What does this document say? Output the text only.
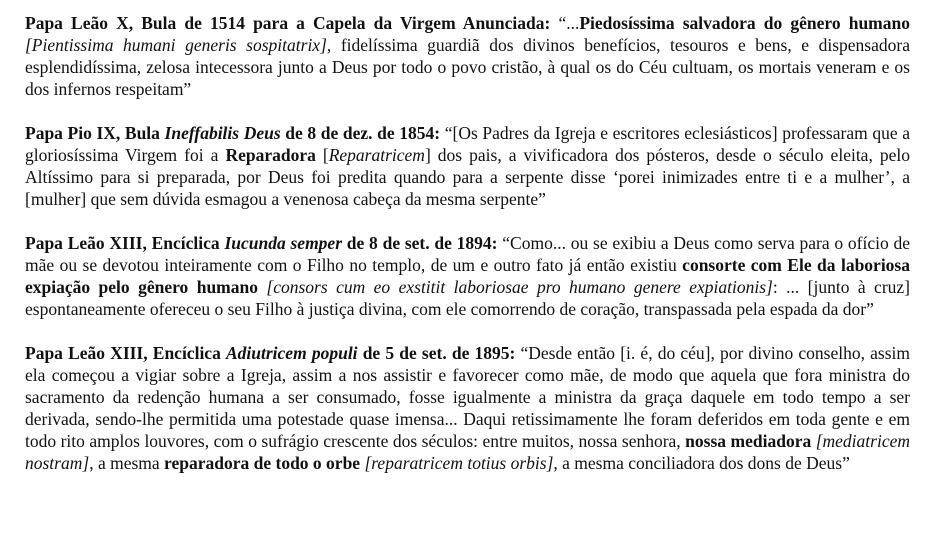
Papa Leão X, Bula de 1514 para a Capela da Virgem Anunciada: “...Piedosíssima salvadora do gênero humano [Pientissima humani generis sospitatrix], fidelíssima guardiã dos divinos benefícios, tesouros e bens, e dispensadora esplendidíssima, zelosa intecessora junto a Deus por todo o povo cristão, à qual os do Céu cultuam, os mortais veneram e os dos infernos respeitam”

Papa Pio IX, Bula Ineffabilis Deus de 8 de dez. de 1854: “[Os Padres da Igreja e escritores eclesiásticos] professaram que a gloriosíssima Virgem foi a Reparadora [Reparatricem] dos pais, a vivificadora dos pósteros, desde o século eleita, pelo Altíssimo para si preparada, por Deus foi predita quando para a serpente disse ‘porei inimizades entre ti e a mulher’, a [mulher] que sem dúvida esmagou a venenosa cabeça da mesma serpente”

Papa Leão XIII, Encíclica Iucunda semper de 8 de set. de 1894: “Como... ou se exibiu a Deus como serva para o ofício de mãe ou se devotou inteiramente com o Filho no templo, de um e outro fato já então existiu consorte com Ele da laboriosa expiação pelo gênero humano [consors cum eo exstitit laboriosae pro humano genere expiationis]: ... [junto à cruz] espontaneamente ofereceu o seu Filho à justiça divina, com ele comorrendo de coração, transpassada pela espada da dor”

Papa Leão XIII, Encíclica Adiutricem populi de 5 de set. de 1895: “Desde então [i. é, do céu], por divino conselho, assim ela começou a vigiar sobre a Igreja, assim a nos assistir e favorecer como mãe, de modo que aquela que fora ministra do sacramento da redenção humana a ser consumado, fosse igualmente a ministra da graça daquele em todo tempo a ser derivada, sendo-lhe permitida uma potestade quase imensa... Daqui retissimamente lhe foram deferidos em toda gente e em todo rito amplos louvores, com o sufrágio crescente dos séculos: entre muitos, nossa senhora, nossa mediadora [mediatricem nostram], a mesma reparadora de todo o orbe [reparatricem totius orbis], a mesma conciliadora dos dons de Deus”
